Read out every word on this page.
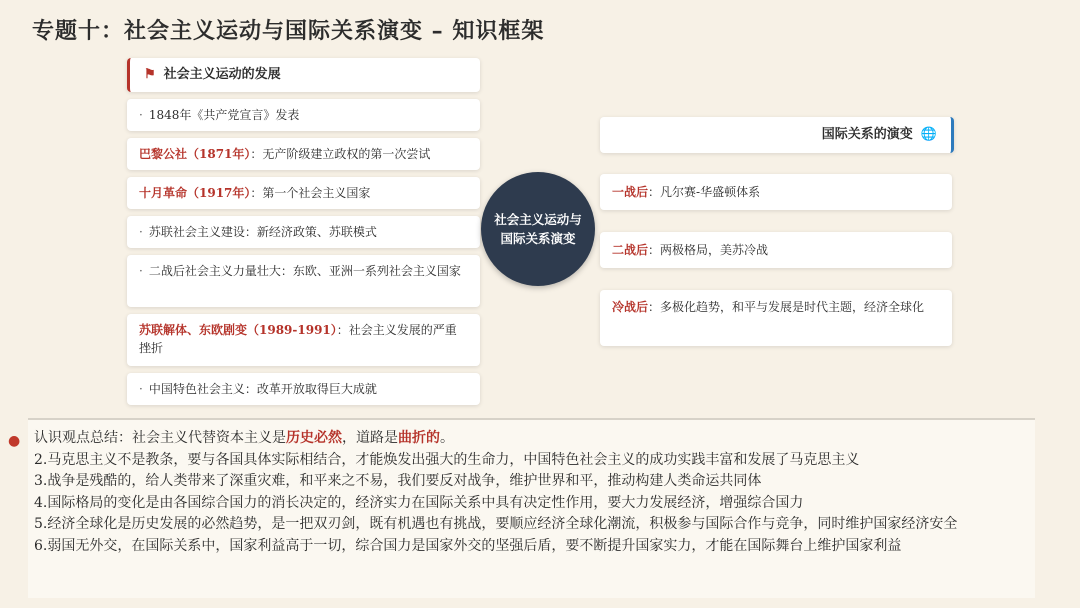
专题十：社会主义运动与国际关系演变 – 知识框架
⚑ 社会主义运动的发展
· 1848年《共产党宣言》发表
巴黎公社（1871年）：无产阶级建立政权的第一次尝试
十月革命（1917年）：第一个社会主义国家
· 苏联社会主义建设：新经济政策、苏联模式
· 二战后社会主义力量壮大：东欧、亚洲一系列社会主义国家
苏联解体、东欧剧变（1989-1991）：社会主义发展的严重挫折
· 中国特色社会主义：改革开放取得巨大成就
社会主义运动与
国际关系演变
国际关系的演变 🌐
一战后：凡尔赛-华盛顿体系
二战后：两极格局，美苏冷战
冷战后：多极化趋势，和平与发展是时代主题，经济全球化
● 认识观点总结：社会主义代替资本主义是历史必然，道路是曲折的。
2.马克思主义不是教条，要与各国具体实际相结合，才能焕发出强大的生命力，中国特色社会主义的成功实践丰富和发展了马克思主义
3.战争是残酷的，给人类带来了深重灾难，和平来之不易，我们要反对战争，维护世界和平，推动构建人类命运共同体
4.国际格局的变化是由各国综合国力的消长决定的，经济实力在国际关系中具有决定性作用，要大力发展经济，增强综合国力
5.经济全球化是历史发展的必然趋势，是一把双刃剑，既有机遇也有挑战，要顺应经济全球化潮流，积极参与国际合作与竞争，同时维护国家经济安全
6.弱国无外交，在国际关系中，国家利益高于一切，综合国力是国家外交的坚强后盾，要不断提升国家实力，才能在国际舞台上维护国家利益
